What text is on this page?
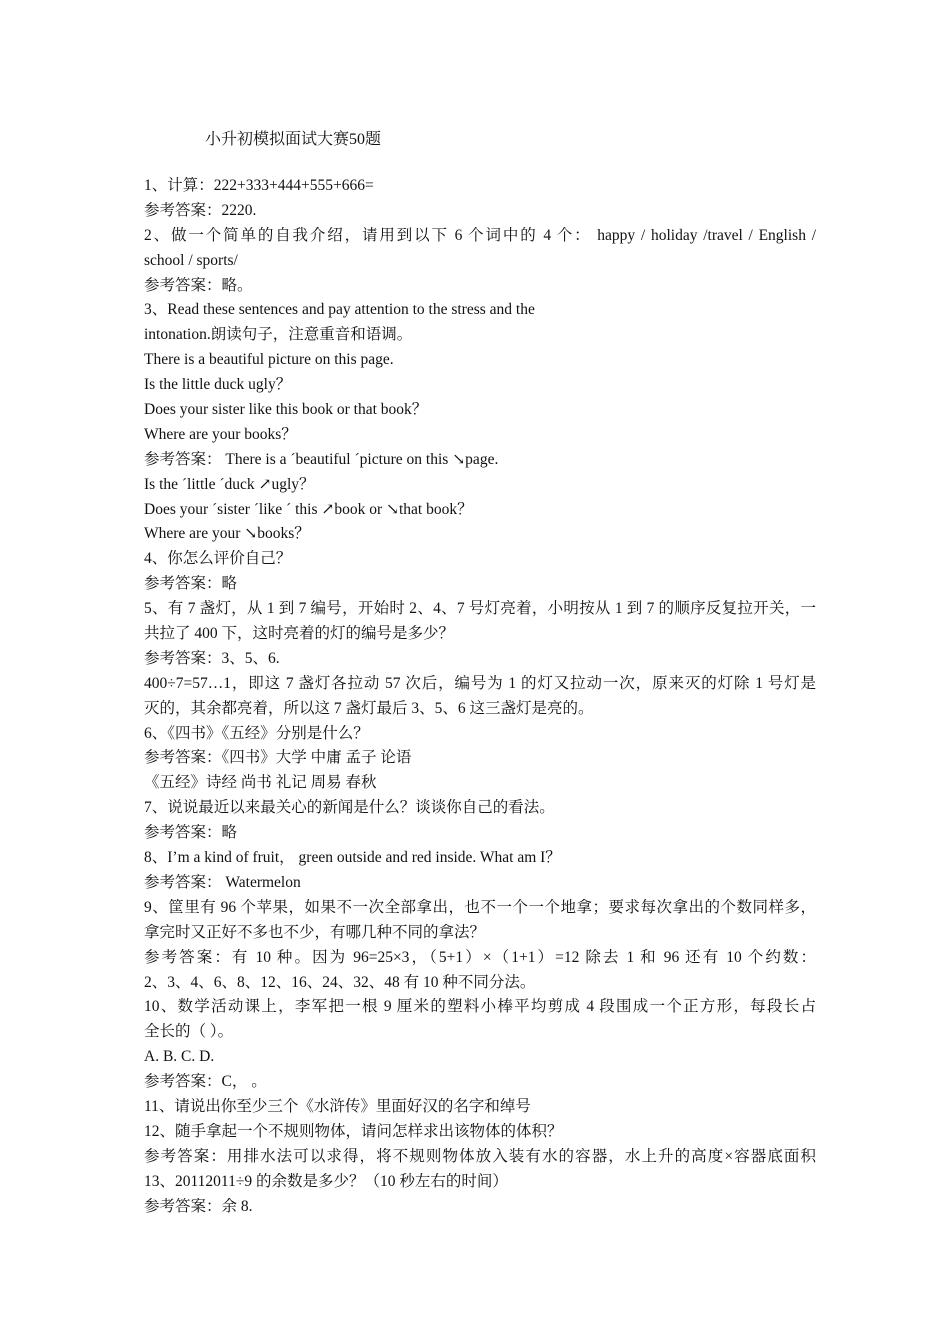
小升初模拟面试大赛50题
1、计算：222+333+444+555+666=
参考答案：2220.
2、做一个简单的自我介绍，请用到以下 6 个词中的 4 个： happy / holiday /travel / English /
school / sports/
参考答案：略。
3、Read these sentences and pay attention to the stress and the
intonation.朗读句子，注意重音和语调。
There is a beautiful picture on this page.
Is the little duck ugly？
Does your sister like this book or that book？
Where are your books？
参考答案： There is a ˊbeautiful ˊpicture on this ↘page.
Is the ˊlittle ˊduck ↗ugly？
Does your ˊsister ˊlike ˊ this ↗book or ↘that book？
Where are your ↘books？
4、你怎么评价自己？
参考答案：略
5、有 7 盏灯，从 1 到 7 编号，开始时 2、4、7 号灯亮着，小明按从 1 到 7 的顺序反复拉开关，一
共拉了 400 下，这时亮着的灯的编号是多少？
参考答案：3、5、6.
400÷7=57…1，即这 7 盏灯各拉动 57 次后，编号为 1 的灯又拉动一次，原来灭的灯除 1 号灯是
灭的，其余都亮着，所以这 7 盏灯最后 3、5、6 这三盏灯是亮的。
6、《四书》《五经》分别是什么？
参考答案：《四书》大学 中庸 孟子 论语
《五经》诗经 尚书 礼记 周易 春秋
7、说说最近以来最关心的新闻是什么？谈谈你自己的看法。
参考答案：略
8、I’m a kind of fruit， green outside and red inside. What am I？
参考答案： Watermelon
9、筐里有 96 个苹果，如果不一次全部拿出，也不一个一个地拿；要求每次拿出的个数同样多，
拿完时又正好不多也不少，有哪几种不同的拿法？
参考答案：有 10 种。因为 96=25×3，（5+1）×（1+1）=12 除去 1 和 96 还有 10 个约数：
2、3、4、6、8、12、16、24、32、48 有 10 种不同分法。
10、数学活动课上，李军把一根 9 厘米的塑料小棒平均剪成 4 段围成一个正方形，每段长占
全长的（ ）。
A. B. C. D.
参考答案：C， 。
11、请说出你至少三个《水浒传》里面好汉的名字和绰号
12、随手拿起一个不规则物体，请问怎样求出该物体的体积？
参考答案：用排水法可以求得，将不规则物体放入装有水的容器，水上升的高度×容器底面积
13、20112011÷9 的余数是多少？（10 秒左右的时间）
参考答案：余 8.
